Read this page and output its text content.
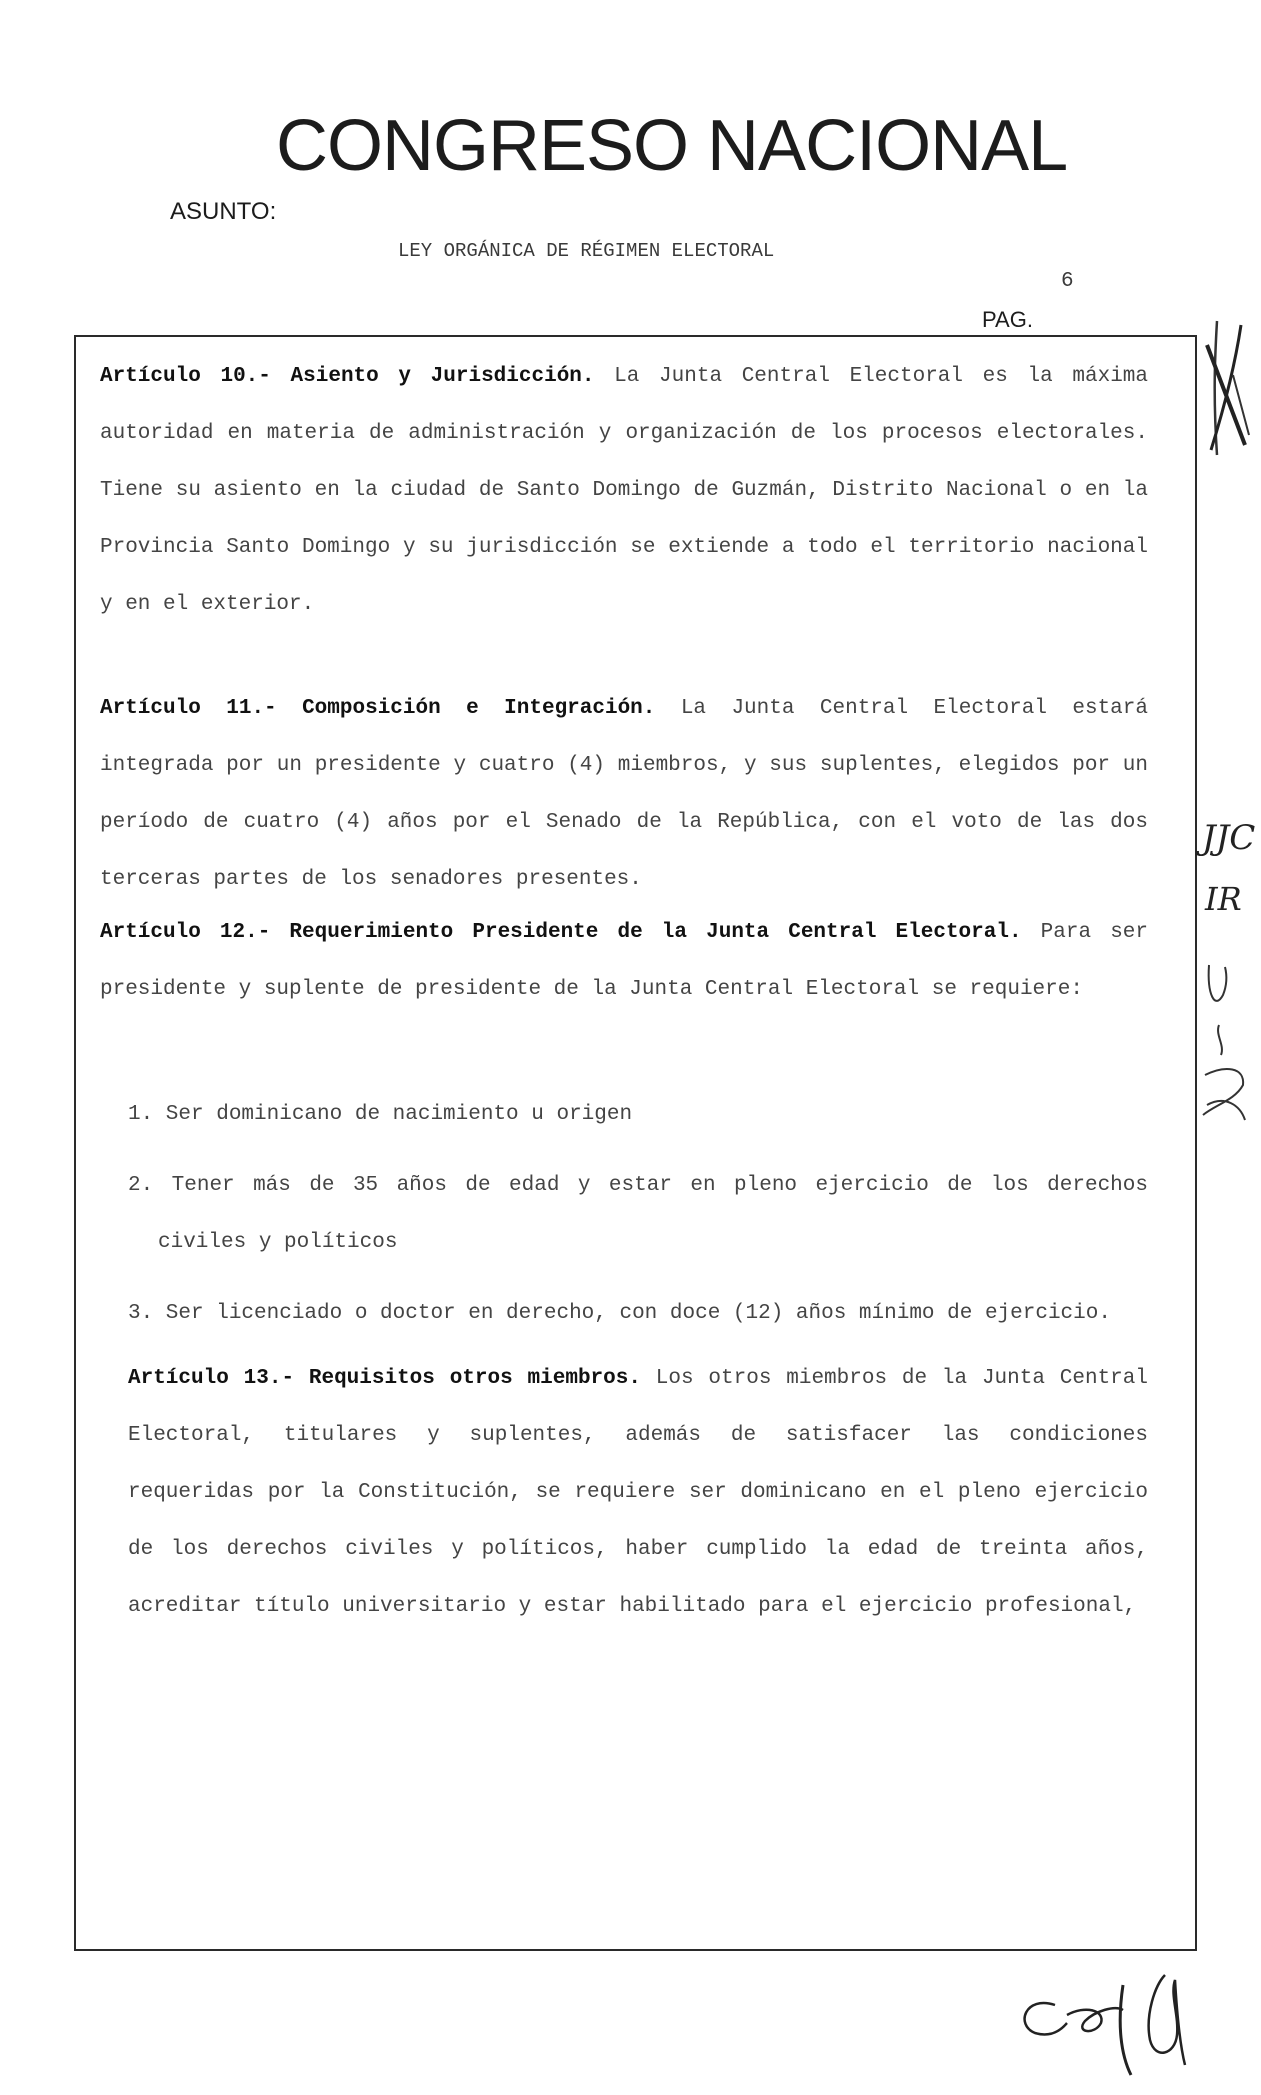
CONGRESO NACIONAL
ASUNTO:
LEY ORGÁNICA DE RÉGIMEN ELECTORAL
6
PAG.

Artículo 10.- Asiento y Jurisdicción. La Junta Central Electoral es la máxima autoridad en materia de administración y organización de los procesos electorales. Tiene su asiento en la ciudad de Santo Domingo de Guzmán, Distrito Nacional o en la Provincia Santo Domingo y su jurisdicción se extiende a todo el territorio nacional y en el exterior.

Artículo 11.- Composición e Integración. La Junta Central Electoral estará integrada por un presidente y cuatro (4) miembros, y sus suplentes, elegidos por un período de cuatro (4) años por el Senado de la República, con el voto de las dos terceras partes de los senadores presentes.

Artículo 12.- Requerimiento Presidente de la Junta Central Electoral. Para ser presidente y suplente de presidente de la Junta Central Electoral se requiere:

1. Ser dominicano de nacimiento u origen
2. Tener más de 35 años de edad y estar en pleno ejercicio de los derechos civiles y políticos
3. Ser licenciado o doctor en derecho, con doce (12) años mínimo de ejercicio.

Artículo 13.- Requisitos otros miembros. Los otros miembros de la Junta Central Electoral, titulares y suplentes, además de satisfacer las condiciones requeridas por la Constitución, se requiere ser dominicano en el pleno ejercicio de los derechos civiles y políticos, haber cumplido la edad de treinta años, acreditar título universitario y estar habilitado para el ejercicio profesional,

JJC
IR
